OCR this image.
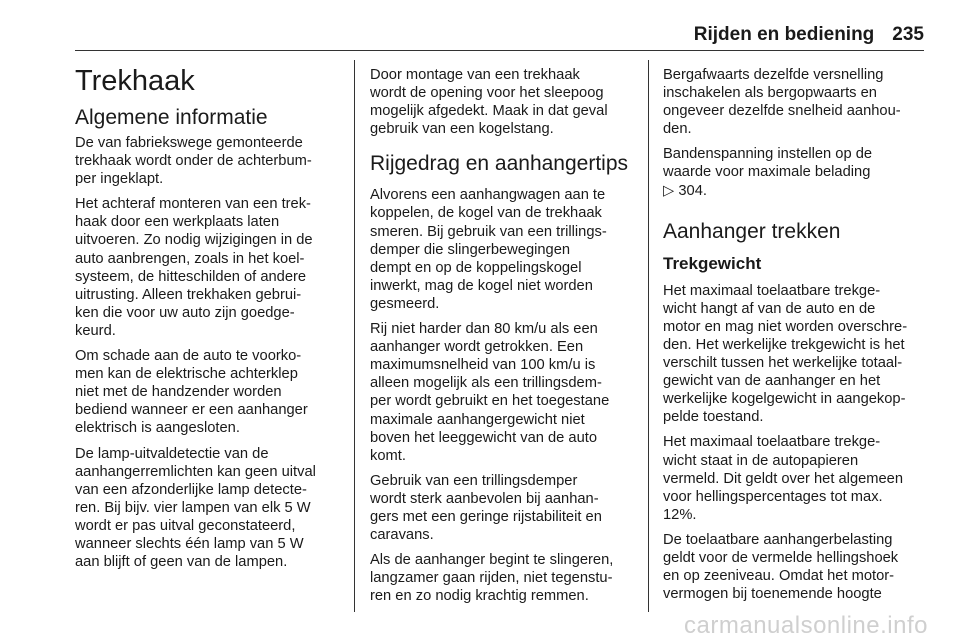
Rijden en bediening 235
Trekhaak
Algemene informatie

De van fabriekswege gemonteerde
trekhaak wordt onder de achterbum-
per ingeklapt.

Het achteraf monteren van een trek-
haak door een werkplaats laten
uitvoeren. Zo nodig wijzigingen in de
auto aanbrengen, zoals in het koel-
systeem, de hitteschilden of andere
uitrusting. Alleen trekhaken gebrui-
ken die voor uw auto zijn goedge-
keurd.

Om schade aan de auto te voorko-
men kan de elektrische achterklep
niet met de handzender worden
bediend wanneer er een aanhanger
elektrisch is aangesloten.

De lamp-uitvaldetectie van de
aanhangerremlichten kan geen uitval
van een afzonderlijke lamp detecte-
ren. Bij bijv. vier lampen van elk 5 W
wordt er pas uitval geconstateerd,
wanneer slechts één lamp van 5 W
aan blijft of geen van de lampen.

Door montage van een trekhaak
wordt de opening voor het sleepoog
mogelijk afgedekt. Maak in dat geval
gebruik van een kogelstang.

Rijgedrag en aanhangertips

Alvorens een aanhangwagen aan te
koppelen, de kogel van de trekhaak
smeren. Bij gebruik van een trillings-
demper die slingerbewegingen
dempt en op de koppelingskogel
inwerkt, mag de kogel niet worden
gesmeerd.

Rij niet harder dan 80 km/u als een
aanhanger wordt getrokken. Een
maximumsnelheid van 100 km/u is
alleen mogelijk als een trillingsdem-
per wordt gebruikt en het toegestane
maximale aanhangergewicht niet
boven het leeggewicht van de auto
komt.

Gebruik van een trillingsdemper
wordt sterk aanbevolen bij aanhan-
gers met een geringe rijstabiliteit en
caravans.

Als de aanhanger begint te slingeren,
langzamer gaan rijden, niet tegenstu-
ren en zo nodig krachtig remmen.

Bergafwaarts dezelfde versnelling
inschakelen als bergopwaarts en
ongeveer dezelfde snelheid aanhou-
den.

Bandenspanning instellen op de
waarde voor maximale belading
▷ 304.

Aanhanger trekken
Trekgewicht

Het maximaal toelaatbare trekge-
wicht hangt af van de auto en de
motor en mag niet worden overschre-
den. Het werkelijke trekgewicht is het
verschilt tussen het werkelijke totaal-
gewicht van de aanhanger en het
werkelijke kogelgewicht in aangekop-
pelde toestand.

Het maximaal toelaatbare trekge-
wicht staat in de autopapieren
vermeld. Dit geldt over het algemeen
voor hellingspercentages tot max.
12%.

De toelaatbare aanhangerbelasting
geldt voor de vermelde hellingshoek
en op zeeniveau. Omdat het motor-
vermogen bij toenemende hoogte

carmanualsonline.info
